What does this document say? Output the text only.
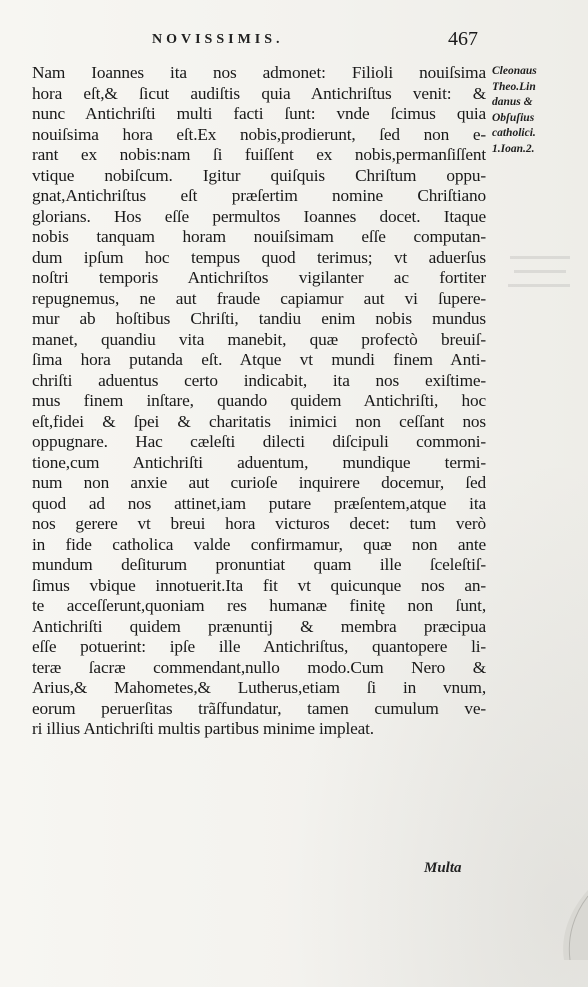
NOVISSIMIS.	467
Nam Ioannes ita nos admonet: Filioli nouiſsima
hora eſt,& ſicut audiſtis quia Antichriſtus venit: &
nunc Antichriſti multi facti ſunt: vnde ſcimus quia
nouiſsima hora eſt.Ex nobis,prodierunt, ſed non e-
rant ex nobis:nam ſi fuiſſent ex nobis,permanſiſſent
vtique nobiſcum. Igitur quiſquis Chriſtum oppu-
gnat,Antichriſtus eſt præſertim nomine Chriſtiano
glorians. Hos eſſe permultos Ioannes docet. Itaque
nobis tanquam horam nouiſsimam eſſe computan-
dum ipſum hoc tempus quod terimus; vt aduerſus
noſtri temporis Antichriſtos vigilanter ac fortiter
repugnemus, ne aut fraude capiamur aut vi ſupere-
mur ab hoſtibus Chriſti, tandiu enim nobis mundus
manet, quandiu vita manebit, quæ profectò breuiſ-
ſima hora putanda eſt. Atque vt mundi finem Anti-
chriſti aduentus certo indicabit, ita nos exiſtime-
mus finem inſtare, quando quidem Antichriſti, hoc
eſt,fidei & ſpei & charitatis inimici non ceſſant nos
oppugnare. Hac cæleſti dilecti diſcipuli commoni-
tione,cum Antichriſti aduentum, mundique termi-
num non anxie aut curioſe inquirere docemur, ſed
quod ad nos attinet,iam putare præſentem,atque ita
nos gerere vt breui hora victuros decet: tum verò
in fide catholica valde confirmamur, quæ non ante
mundum deſiturum pronuntiat quam ille ſceleſtiſ-
ſimus vbique innotuerit.Ita fit vt quicunque nos an-
te acceſſerunt,quoniam res humanæ finitę non ſunt,
Antichriſti quidem prænuntij & membra præcipua
eſſe potuerint: ipſe ille Antichriſtus, quantopere li-
teræ ſacræ commendant,nullo modo.Cum Nero &
Arius,& Mahometes,& Lutherus,etiam ſi in vnum,
eorum peruerſitas trãſfundatur, tamen cumulum ve-
ri illius Antichriſti multis partibus minime impleat.
Multa
Cleonaus
Theo.Lin
danus &
Obſuſius
catholici.
1.Ioan.2.
